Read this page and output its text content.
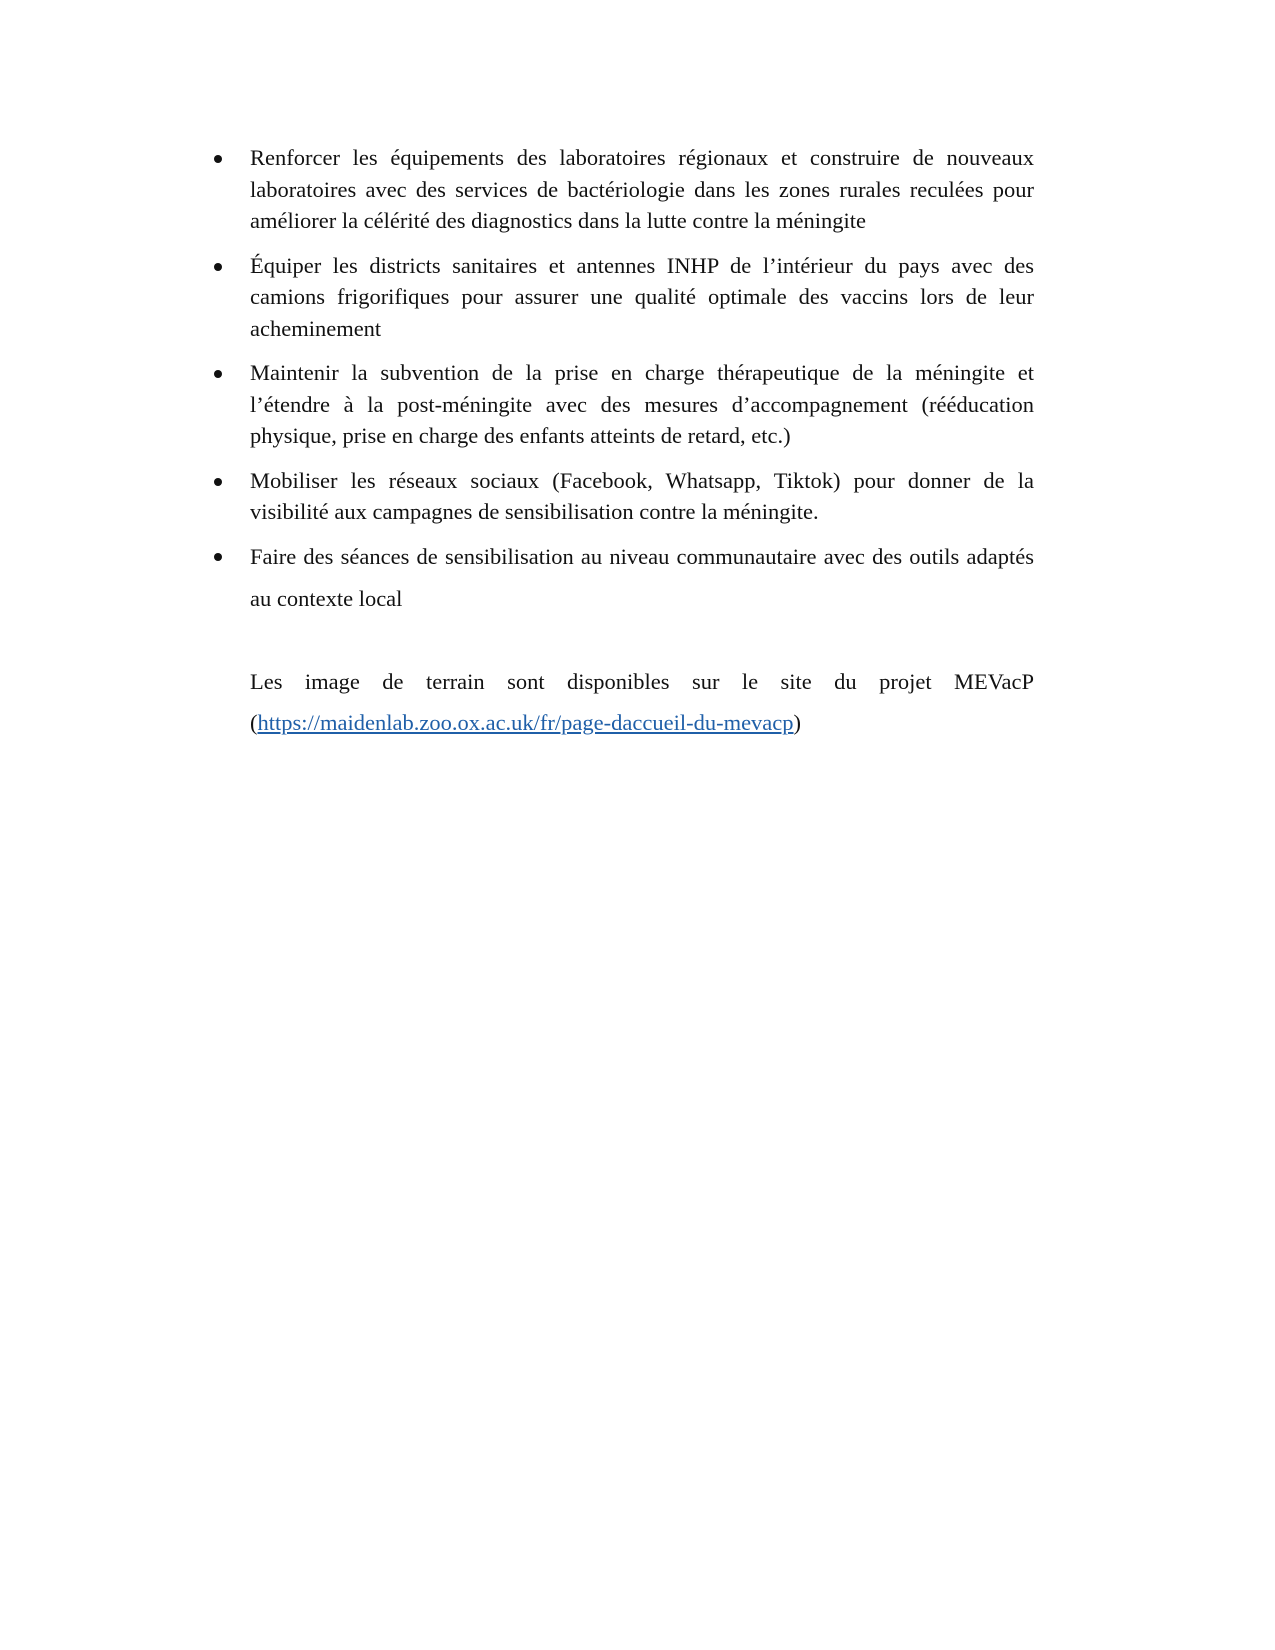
Renforcer les équipements des laboratoires régionaux et construire de nouveaux laboratoires avec des services de bactériologie dans les zones rurales reculées pour améliorer la célérité des diagnostics dans la lutte contre la méningite
Équiper les districts sanitaires et antennes INHP de l’intérieur du pays avec des camions frigorifiques pour assurer une qualité optimale des vaccins lors de leur acheminement
Maintenir la subvention de la prise en charge thérapeutique de la méningite et l’étendre à la post-méningite avec des mesures d’accompagnement (rééducation physique, prise en charge des enfants atteints de retard, etc.)
Mobiliser les réseaux sociaux (Facebook, Whatsapp, Tiktok) pour donner de la visibilité aux campagnes de sensibilisation contre la méningite.
Faire des séances de sensibilisation au niveau communautaire avec des outils adaptés au contexte local
Les image de terrain sont disponibles sur le site du projet MEVacP
(https://maidenlab.zoo.ox.ac.uk/fr/page-daccueil-du-mevacp)
